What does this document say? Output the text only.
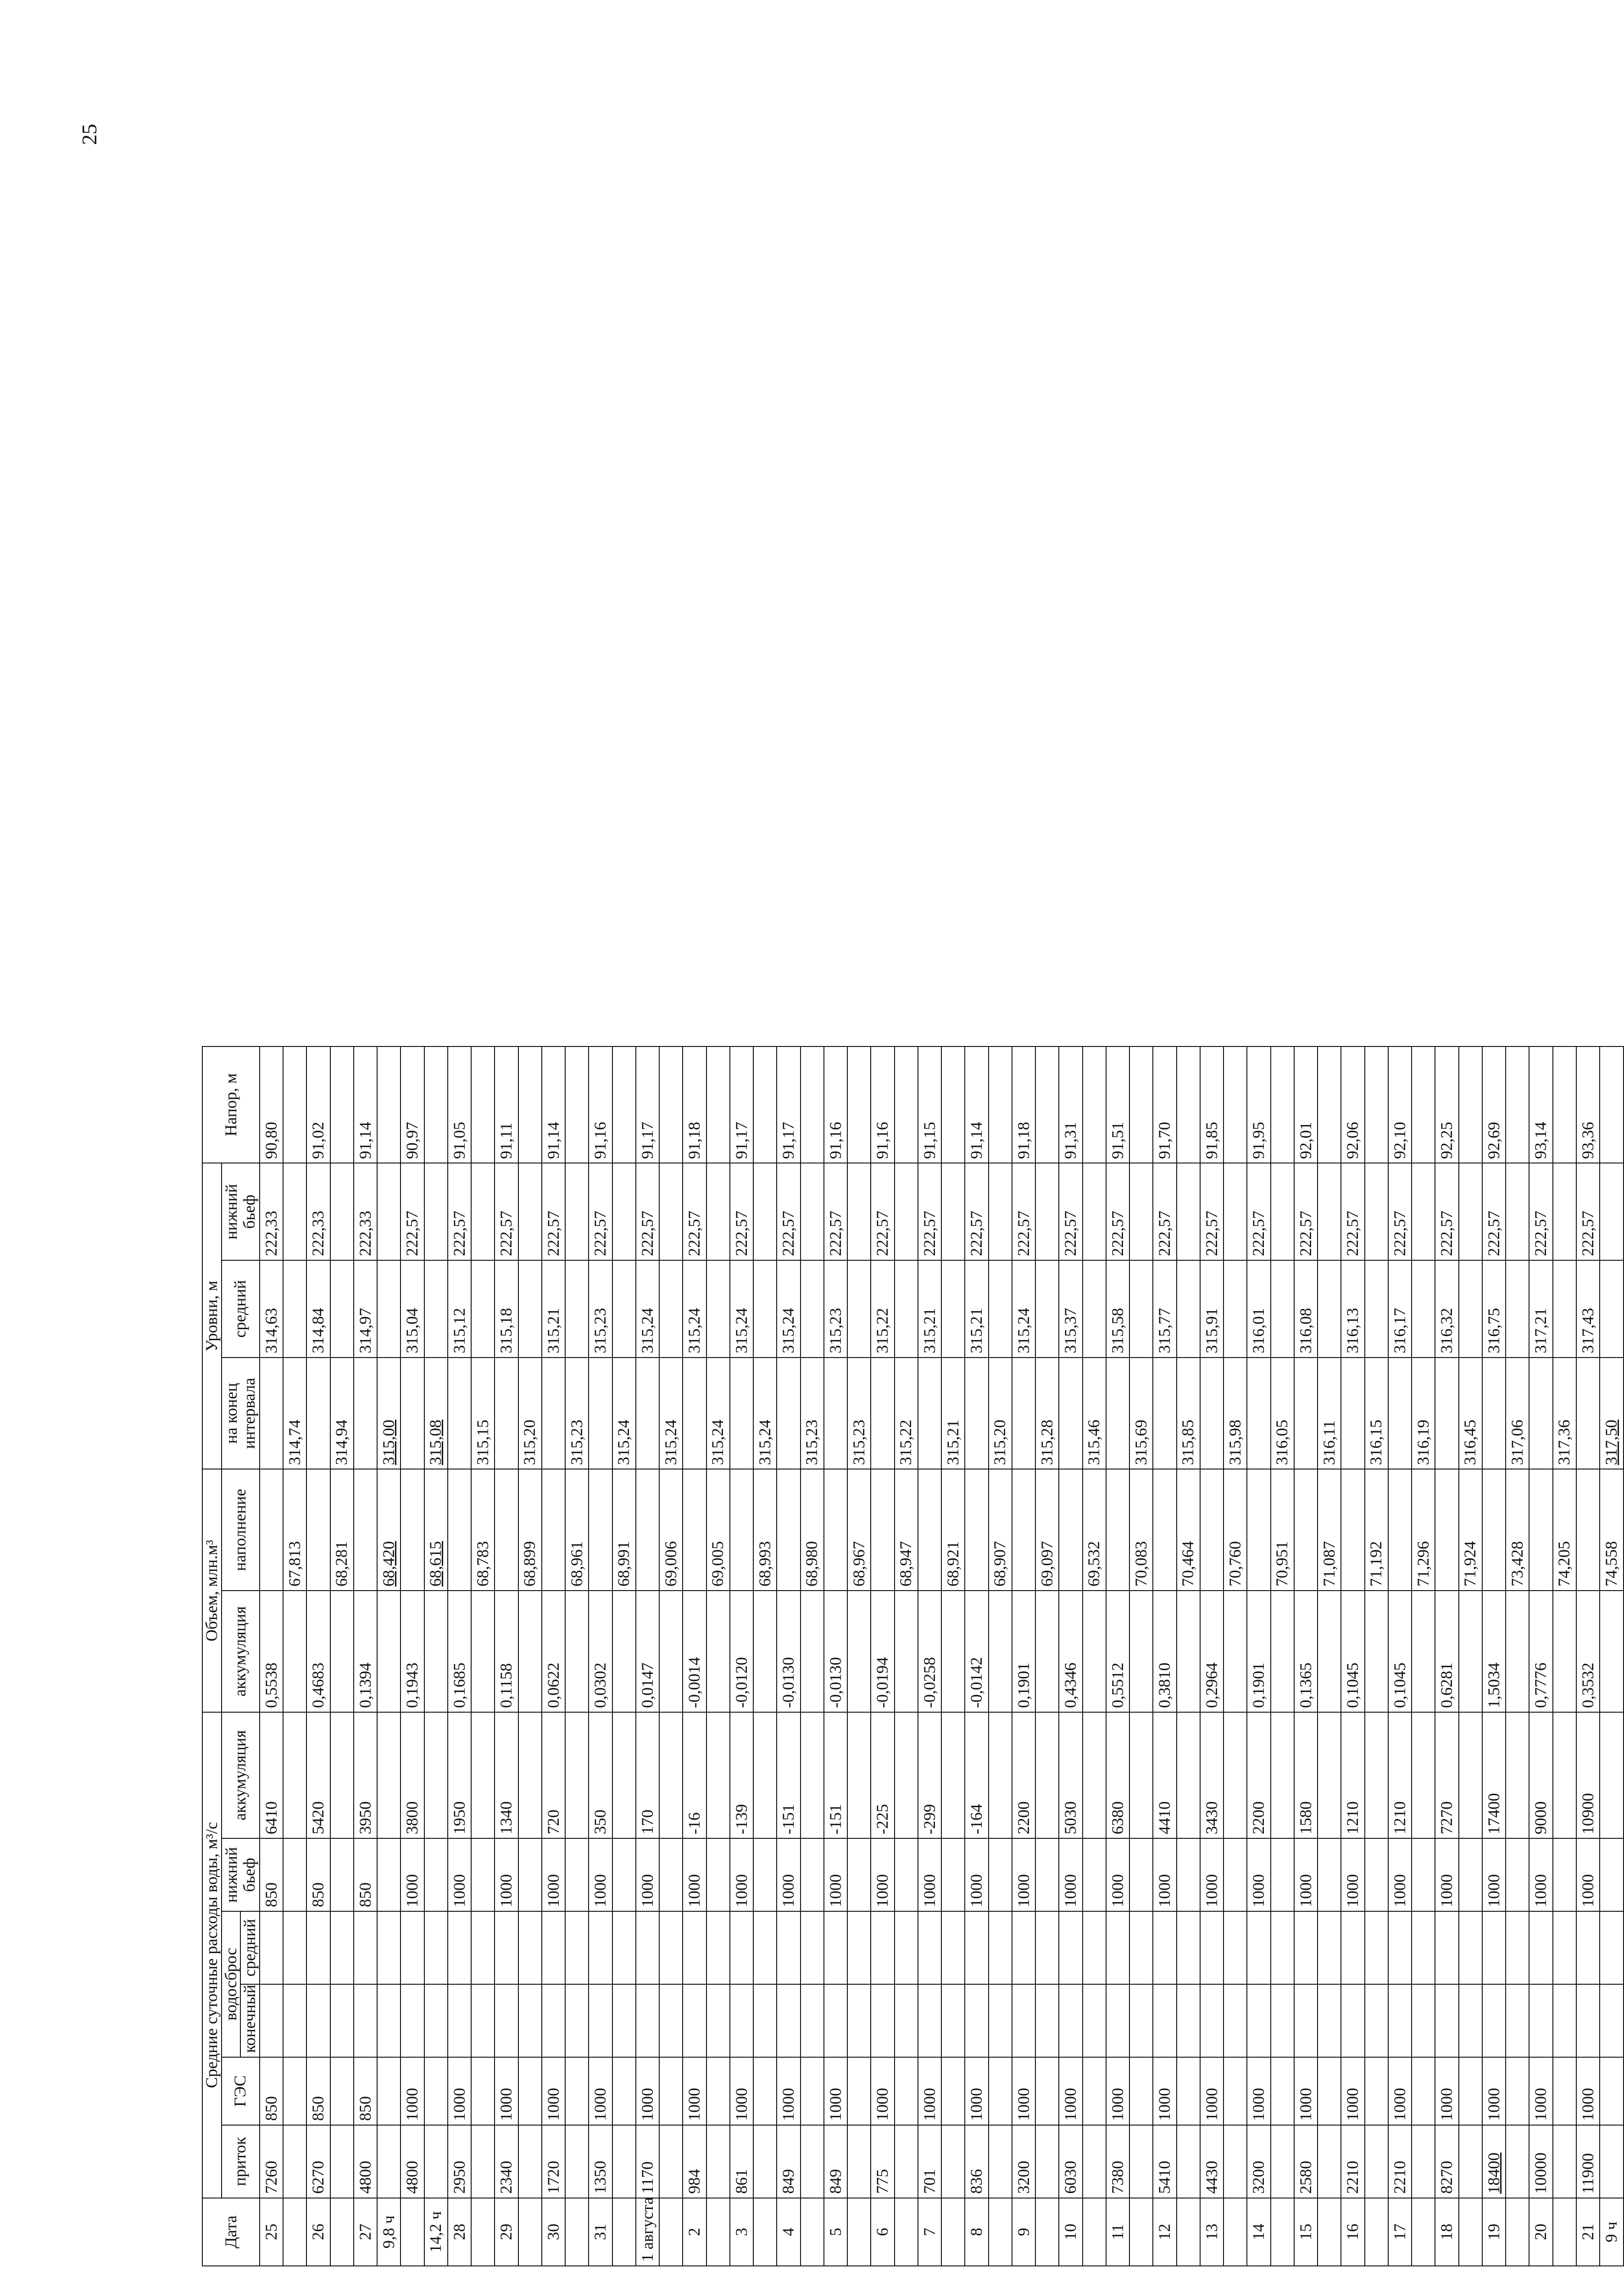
25
Дата	Средние суточные расходы воды, м³/с						Объем, млн.м³		Уровни, м			Напор, м
	приток	ГЭС	водосброс		нижний бьеф	аккумуляция	аккумуляция	наполнение	на конец интервала	средний	нижний бьеф	
			конечный	средний								
25	7260	850			850	6410	0,5538			314,63	222,33	90,80
								67,813	314,74			
26	6270	850			850	5420	0,4683			314,84	222,33	91,02
								68,281	314,94			
27	4800	850			850	3950	0,1394			314,97	222,33	91,14
9,8 ч								68,420	315,00			
	4800	1000			1000	3800	0,1943			315,04	222,57	90,97
14,2 ч								68,615	315,08			
28	2950	1000			1000	1950	0,1685			315,12	222,57	91,05
								68,783	315,15			
29	2340	1000			1000	1340	0,1158			315,18	222,57	91,11
								68,899	315,20			
30	1720	1000			1000	720	0,0622			315,21	222,57	91,14
								68,961	315,23			
31	1350	1000			1000	350	0,0302			315,23	222,57	91,16
								68,991	315,24			
1 августа	1170	1000			1000	170	0,0147			315,24	222,57	91,17
								69,006	315,24			
2	984	1000			1000	-16	-0,0014			315,24	222,57	91,18
								69,005	315,24			
3	861	1000			1000	-139	-0,0120			315,24	222,57	91,17
								68,993	315,24			
4	849	1000			1000	-151	-0,0130			315,24	222,57	91,17
								68,980	315,23			
5	849	1000			1000	-151	-0,0130			315,23	222,57	91,16
								68,967	315,23			
6	775	1000			1000	-225	-0,0194			315,22	222,57	91,16
								68,947	315,22			
7	701	1000			1000	-299	-0,0258			315,21	222,57	91,15
								68,921	315,21			
8	836	1000			1000	-164	-0,0142			315,21	222,57	91,14
								68,907	315,20			
9	3200	1000			1000	2200	0,1901			315,24	222,57	91,18
								69,097	315,28			
10	6030	1000			1000	5030	0,4346			315,37	222,57	91,31
								69,532	315,46			
11	7380	1000			1000	6380	0,5512			315,58	222,57	91,51
								70,083	315,69			
12	5410	1000			1000	4410	0,3810			315,77	222,57	91,70
								70,464	315,85			
13	4430	1000			1000	3430	0,2964			315,91	222,57	91,85
								70,760	315,98			
14	3200	1000			1000	2200	0,1901			316,01	222,57	91,95
								70,951	316,05			
15	2580	1000			1000	1580	0,1365			316,08	222,57	92,01
								71,087	316,11			
16	2210	1000			1000	1210	0,1045			316,13	222,57	92,06
								71,192	316,15			
17	2210	1000			1000	1210	0,1045			316,17	222,57	92,10
								71,296	316,19			
18	8270	1000			1000	7270	0,6281			316,32	222,57	92,25
								71,924	316,45			
19	18400	1000			1000	17400	1,5034			316,75	222,57	92,69
								73,428	317,06			
20	10000	1000			1000	9000	0,7776			317,21	222,57	93,14
								74,205	317,36			
21	11900	1000			1000	10900	0,3532			317,43	222,57	93,36
9 ч								74,558	317,50			
